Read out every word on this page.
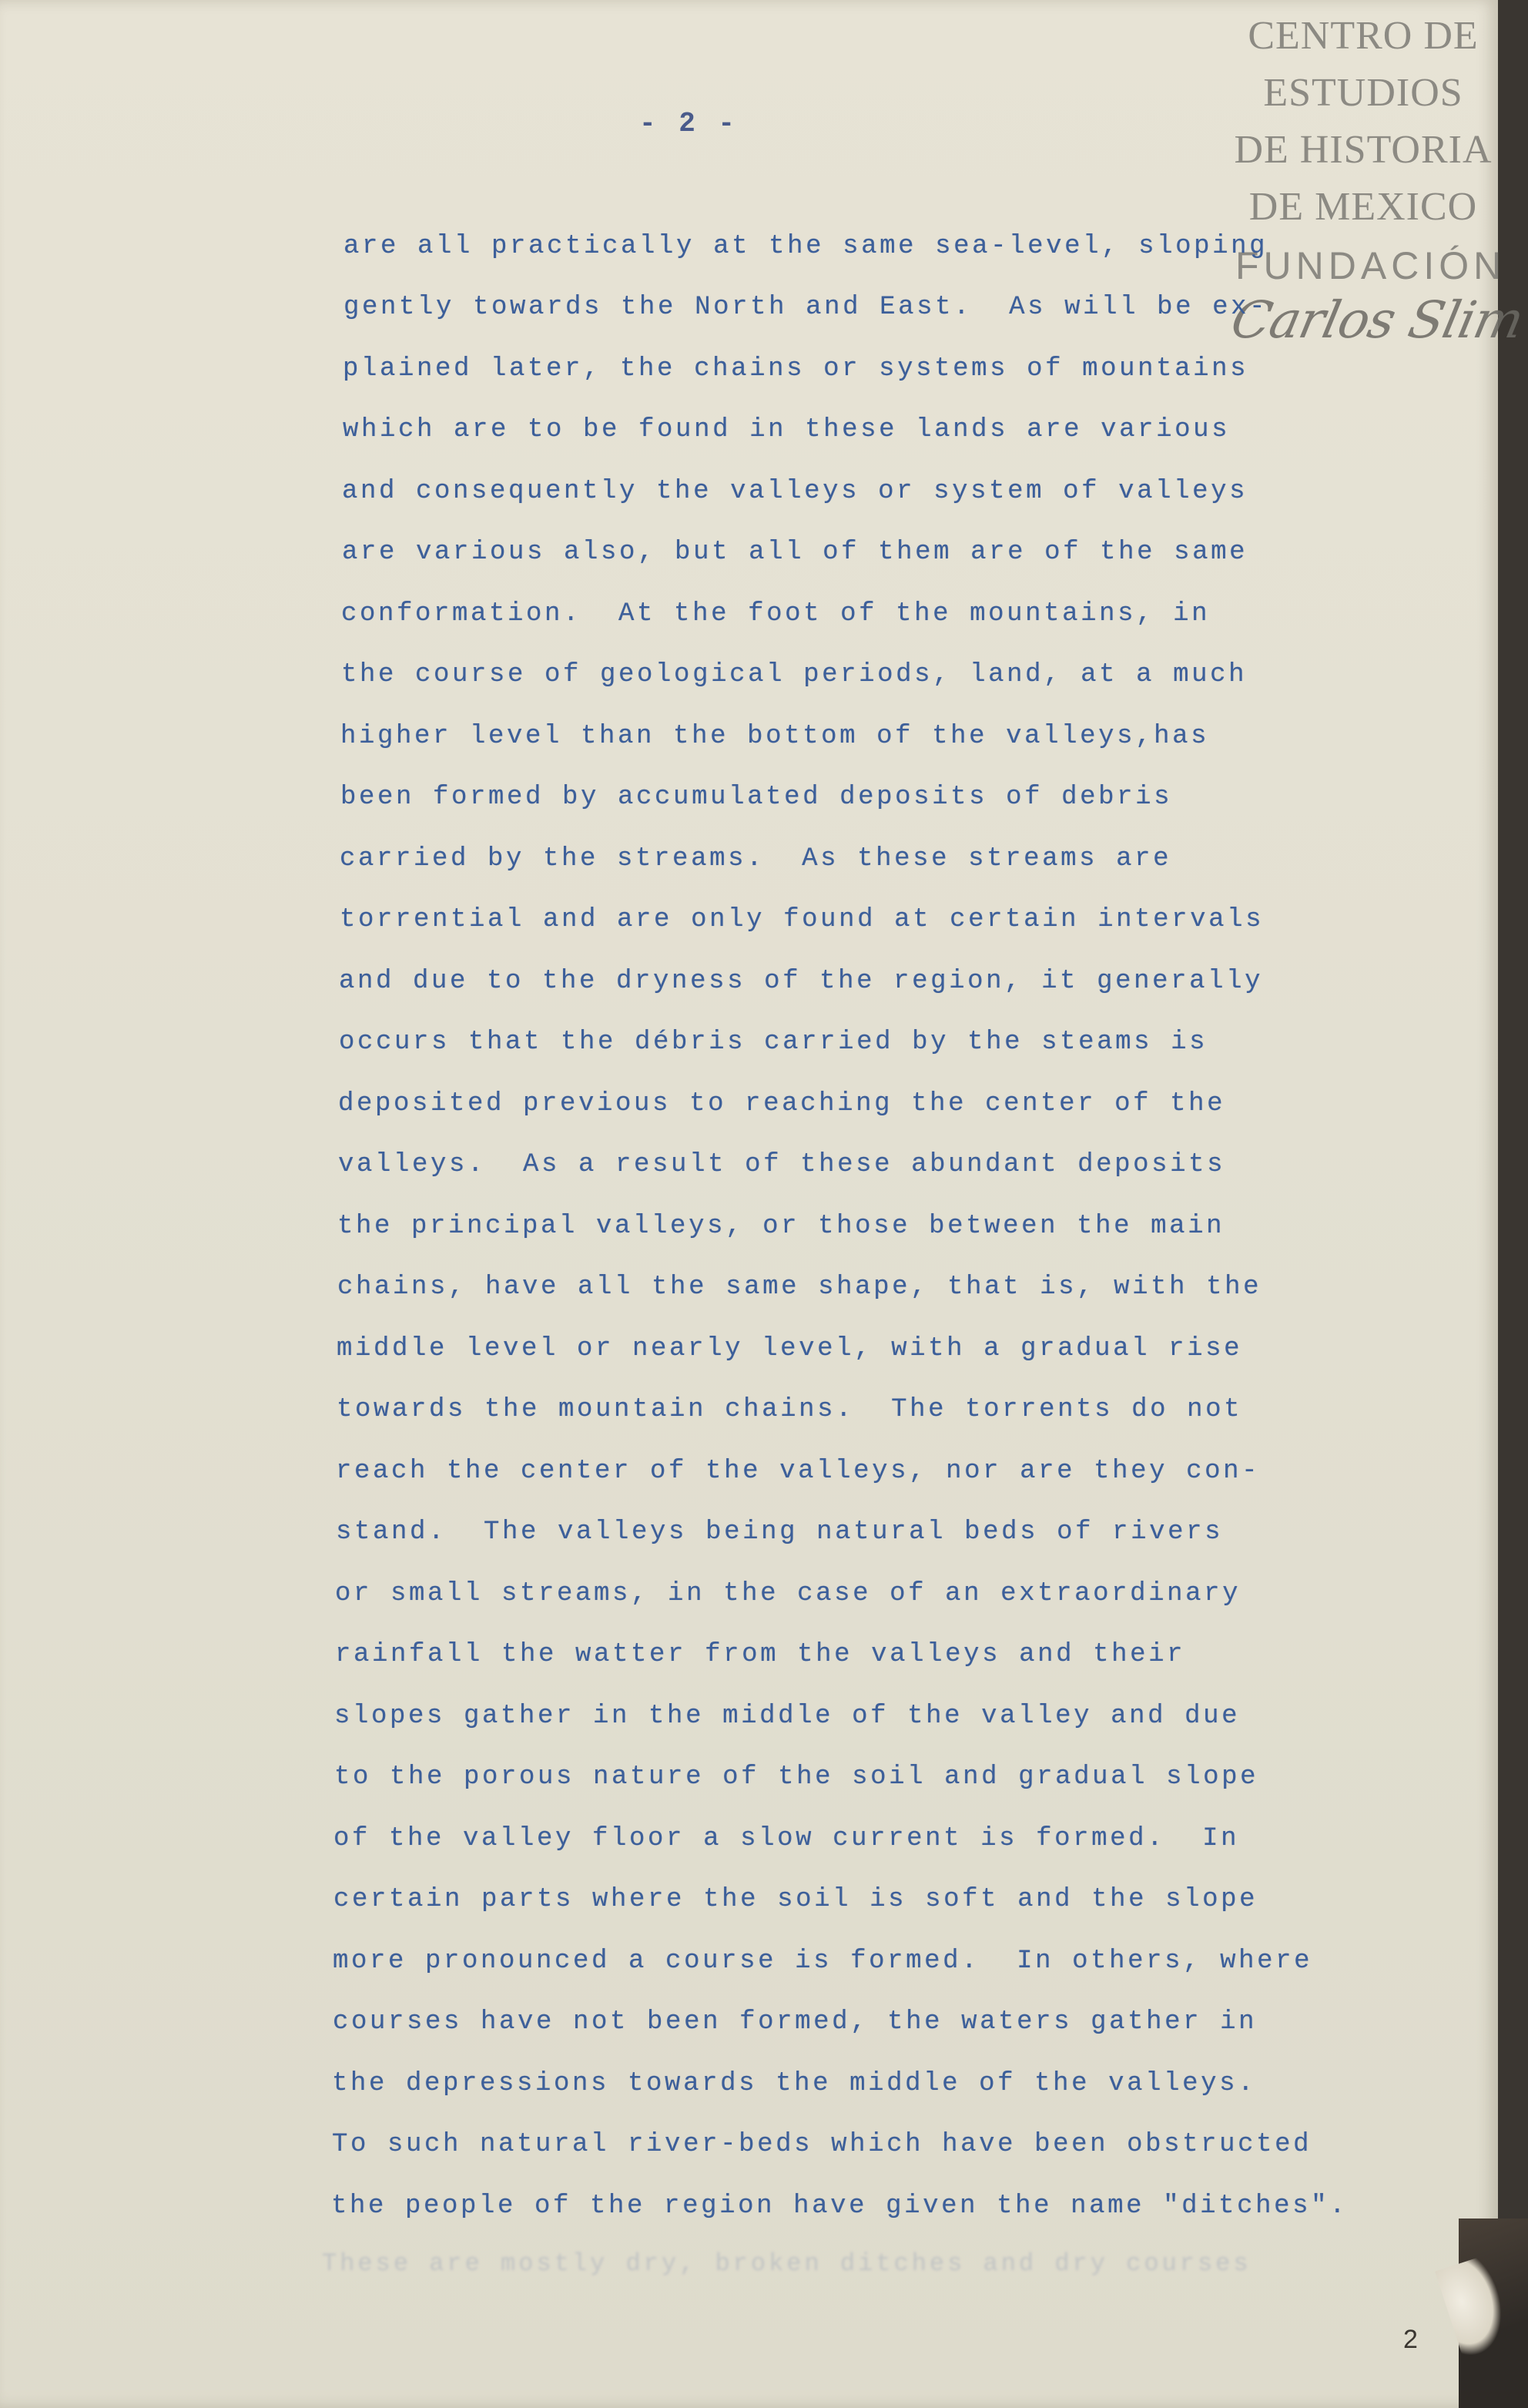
CENTRO DE
ESTUDIOS
DE HISTORIA
DE MEXICO
FUNDACIÓN
Carlos Slim
- 2 -
are all practically at the same sea-level, sloping
gently towards the North and East.  As will be ex-
plained later, the chains or systems of mountains
which are to be found in these lands are various
and consequently the valleys or system of valleys
are various also, but all of them are of the same
conformation.  At the foot of the mountains, in
the course of geological periods, land, at a much
higher level than the bottom of the valleys,has
been formed by accumulated deposits of debris
carried by the streams.  As these streams are
torrential and are only found at certain intervals
and due to the dryness of the region, it generally
occurs that the débris carried by the steams is
deposited previous to reaching the center of the
valleys.  As a result of these abundant deposits
the principal valleys, or those between the main
chains, have all the same shape, that is, with the
middle level or nearly level, with a gradual rise
towards the mountain chains.  The torrents do not
reach the center of the valleys, nor are they con-
stand.  The valleys being natural beds of rivers
or small streams, in the case of an extraordinary
rainfall the watter from the valleys and their
slopes gather in the middle of the valley and due
to the porous nature of the soil and gradual slope
of the valley floor a slow current is formed.  In
certain parts where the soil is soft and the slope
more pronounced a course is formed.  In others, where
courses have not been formed, the waters gather in
the depressions towards the middle of the valleys.
To such natural river-beds which have been obstructed
the people of the region have given the name "ditches".
These are mostly dry, broken ditches and dry courses
2
